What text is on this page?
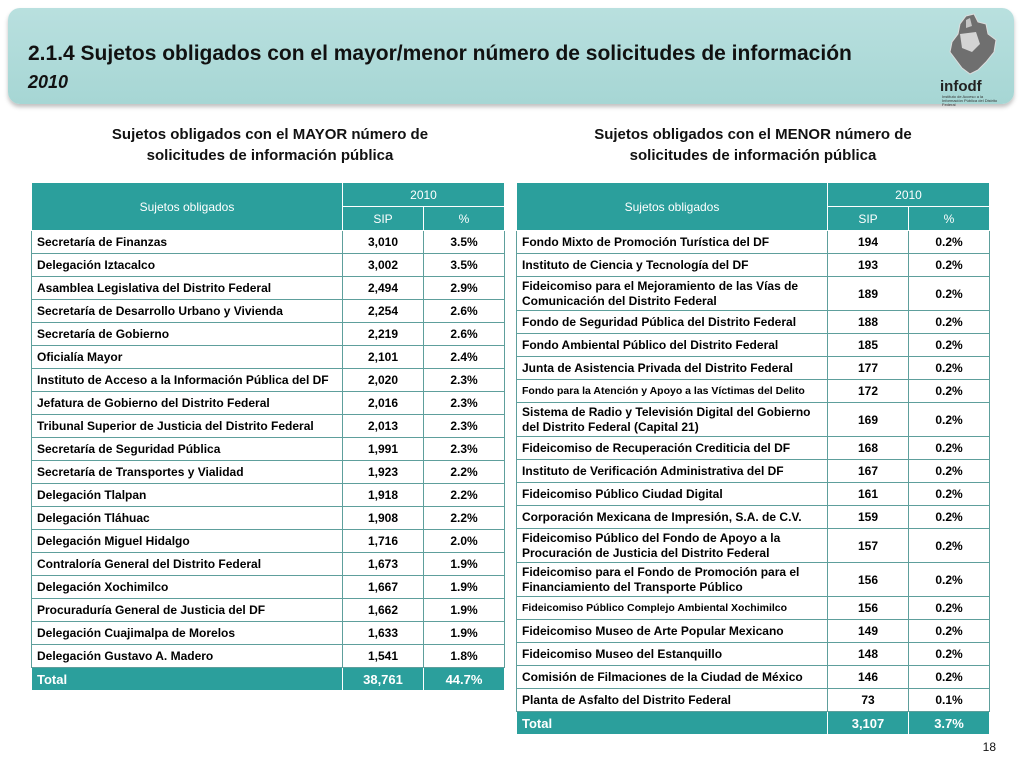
2.1.4 Sujetos obligados con el mayor/menor número de solicitudes de información
2010	infodf
Instituto de Acceso a la Información Pública del Distrito Federal
Sujetos obligados con el MAYOR número de
solicitudes de información pública
Sujetos obligados con el MENOR número de
solicitudes de información pública
Sujetos obligados	2010	
	SIP	%
Secretaría de Finanzas	3,010	3.5%
Delegación Iztacalco	3,002	3.5%
Asamblea Legislativa del Distrito Federal	2,494	2.9%
Secretaría de Desarrollo Urbano y Vivienda	2,254	2.6%
Secretaría de Gobierno	2,219	2.6%
Oficialía Mayor	2,101	2.4%
Instituto de Acceso a la Información Pública del DF	2,020	2.3%
Jefatura de Gobierno del Distrito Federal	2,016	2.3%
Tribunal Superior de Justicia del Distrito Federal	2,013	2.3%
Secretaría de Seguridad Pública	1,991	2.3%
Secretaría de Transportes y Vialidad	1,923	2.2%
Delegación Tlalpan	1,918	2.2%
Delegación Tláhuac	1,908	2.2%
Delegación Miguel Hidalgo	1,716	2.0%
Contraloría General del Distrito Federal	1,673	1.9%
Delegación Xochimilco	1,667	1.9%
Procuraduría General de Justicia del DF	1,662	1.9%
Delegación Cuajimalpa de Morelos	1,633	1.9%
Delegación Gustavo A. Madero	1,541	1.8%
Total	38,761	44.7%
Sujetos obligados	2010	
	SIP	%
Fondo Mixto de Promoción Turística del DF	194	0.2%
Instituto de Ciencia y Tecnología del DF	193	0.2%
Fideicomiso para el Mejoramiento de las Vías de Comunicación del Distrito Federal	189	0.2%
Fondo de Seguridad Pública del Distrito Federal	188	0.2%
Fondo Ambiental Público del Distrito Federal	185	0.2%
Junta de Asistencia Privada del Distrito Federal	177	0.2%
Fondo para la Atención y Apoyo a las Víctimas del Delito	172	0.2%
Sistema de Radio y Televisión Digital del Gobierno del Distrito Federal (Capital 21)	169	0.2%
Fideicomiso de Recuperación Crediticia del DF	168	0.2%
Instituto de Verificación Administrativa del DF	167	0.2%
Fideicomiso Público Ciudad Digital	161	0.2%
Corporación Mexicana de Impresión, S.A. de C.V.	159	0.2%
Fideicomiso Público del Fondo de Apoyo a la Procuración de Justicia del Distrito Federal	157	0.2%
Fideicomiso para el Fondo de Promoción para el Financiamiento del Transporte Público	156	0.2%
Fideicomiso Público Complejo Ambiental Xochimilco	156	0.2%
Fideicomiso Museo de Arte Popular Mexicano	149	0.2%
Fideicomiso Museo del Estanquillo	148	0.2%
Comisión de Filmaciones de la Ciudad de México	146	0.2%
Planta de Asfalto del Distrito Federal	73	0.1%
Total	3,107	3.7%
18
